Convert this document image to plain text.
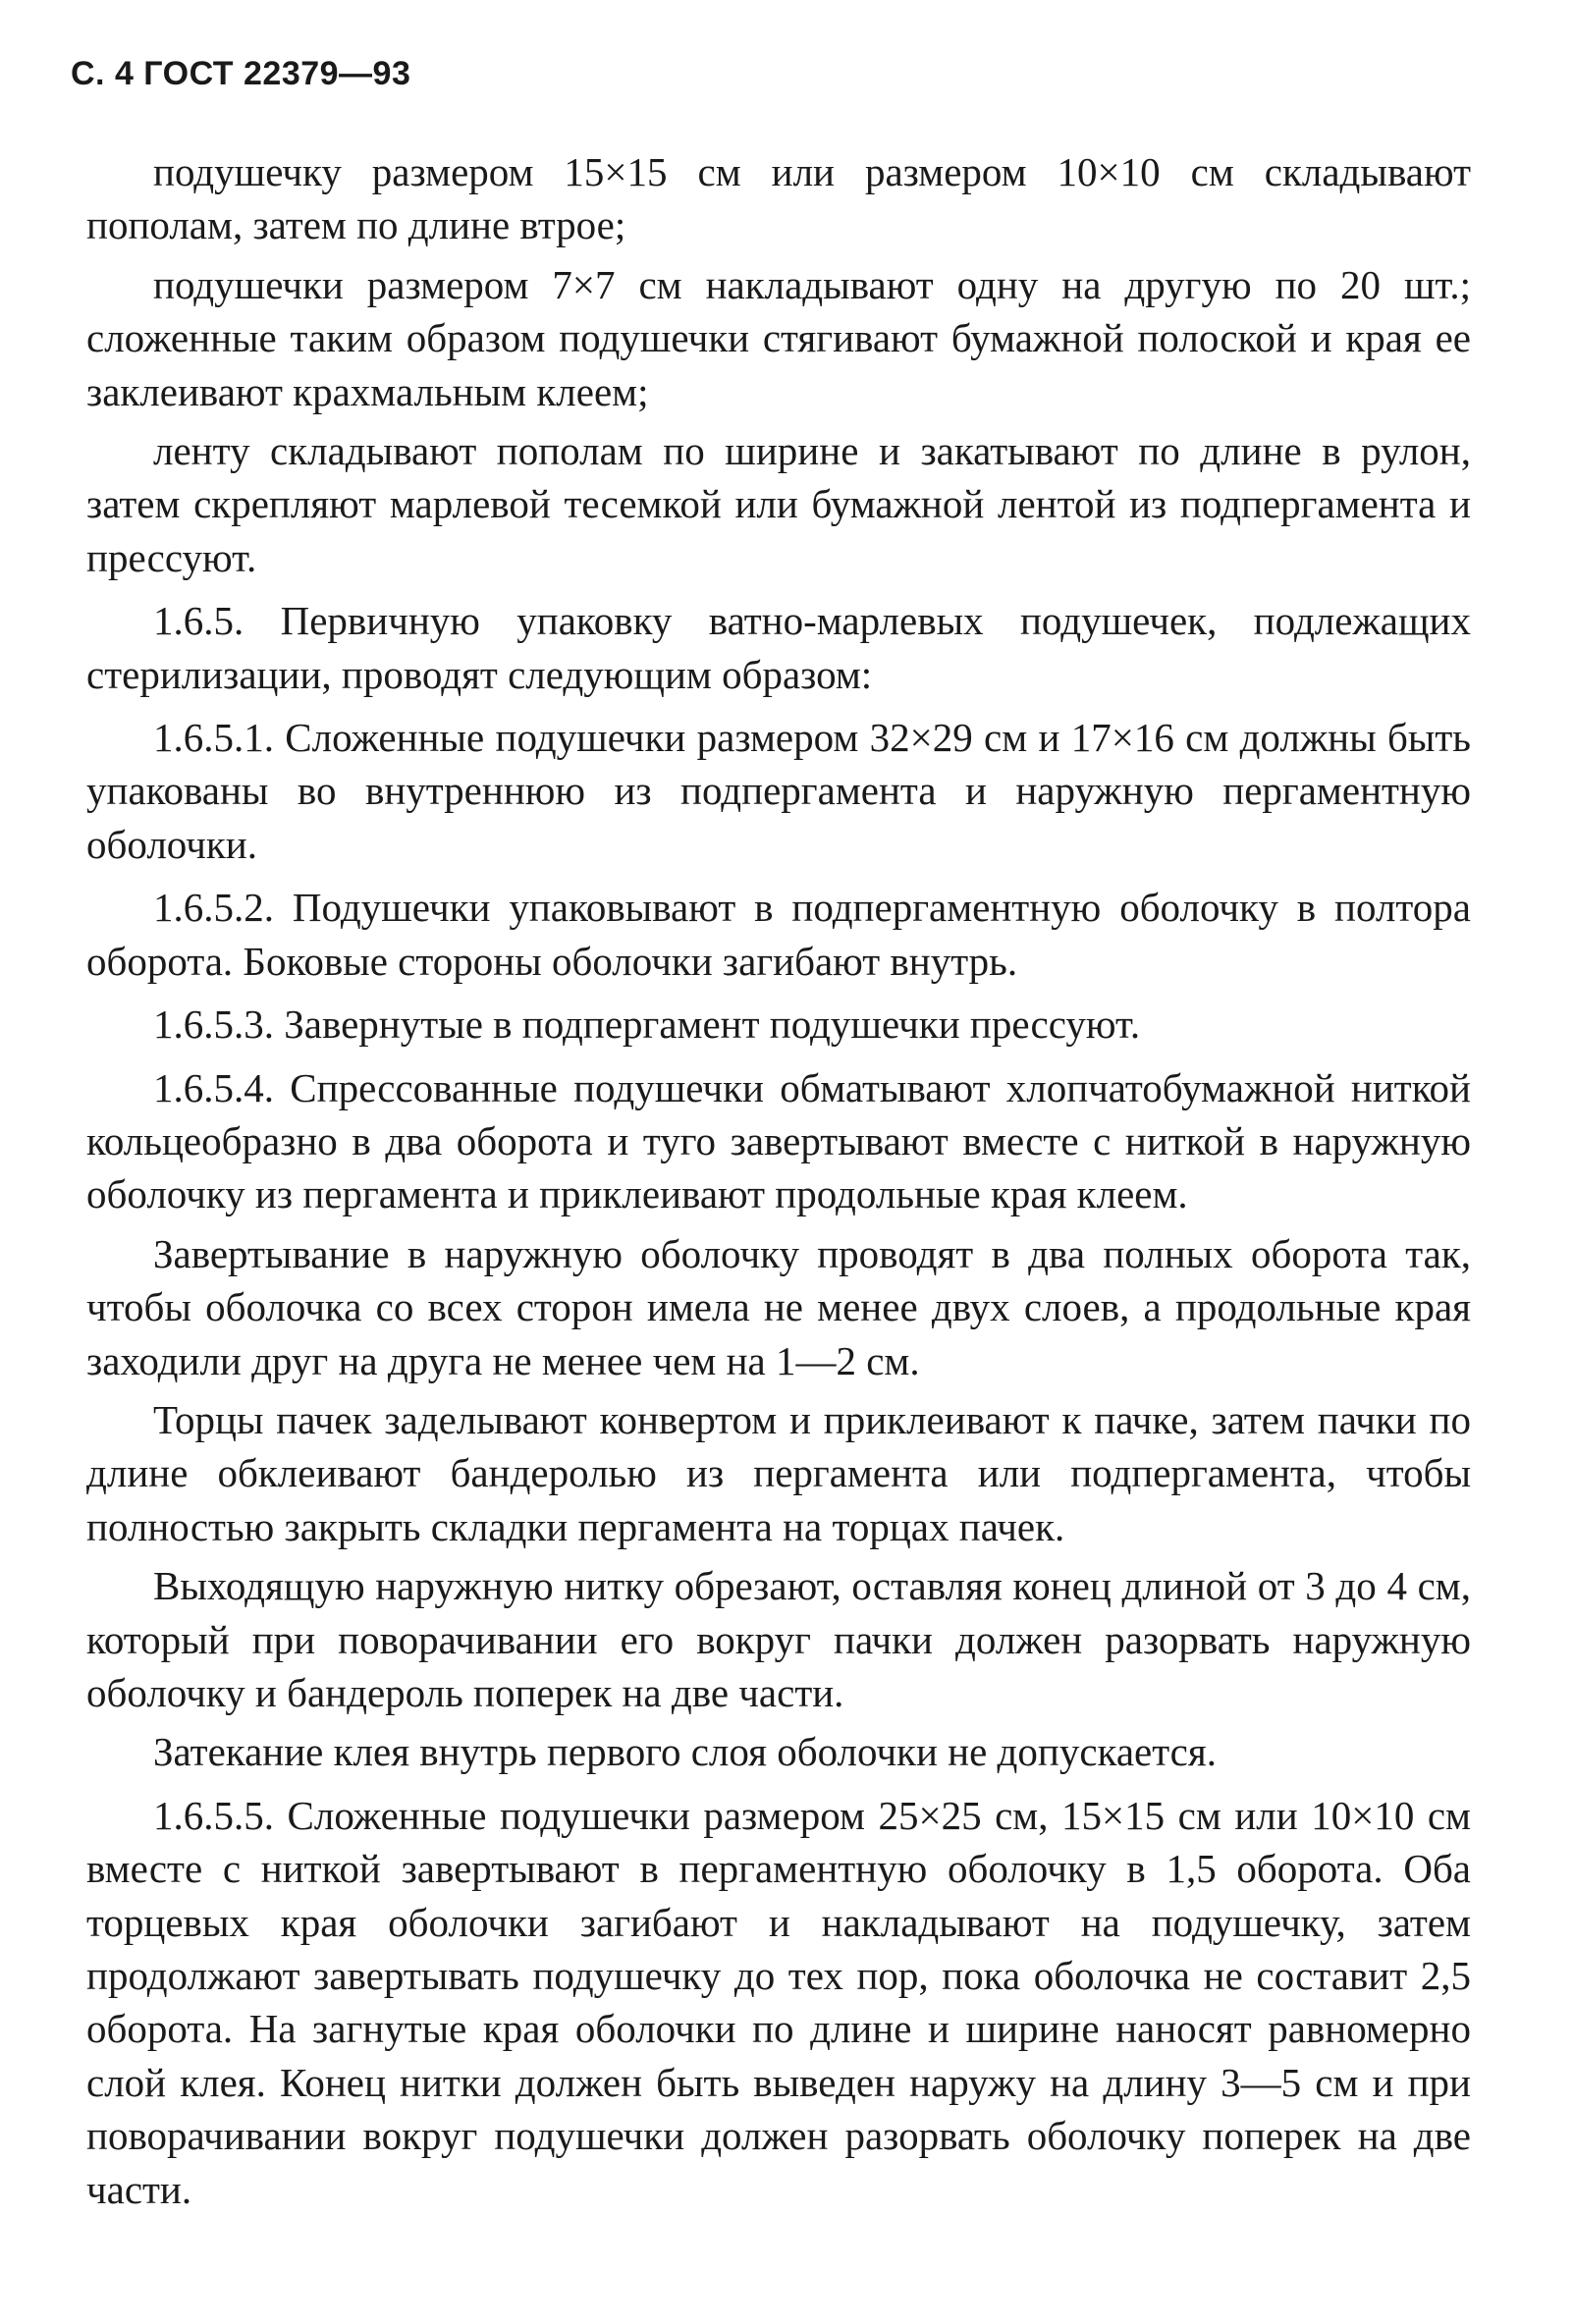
С. 4 ГОСТ 22379—93

подушечку размером 15×15 см или размером 10×10 см складывают пополам, затем по длине втрое;

подушечки размером 7×7 см накладывают одну на другую по 20 шт.; сложенные таким образом подушечки стягивают бумажной полоской и края ее заклеивают крахмальным клеем;

ленту складывают пополам по ширине и закатывают по длине в рулон, затем скрепляют марлевой тесемкой или бумажной лентой из подпергамента и прессуют.

1.6.5. Первичную упаковку ватно-марлевых подушечек, подлежащих стерилизации, проводят следующим образом:

1.6.5.1. Сложенные подушечки размером 32×29 см и 17×16 см должны быть упакованы во внутреннюю из подпергамента и наружную пергаментную оболочки.

1.6.5.2. Подушечки упаковывают в подпергаментную оболочку в полтора оборота. Боковые стороны оболочки загибают внутрь.

1.6.5.3. Завернутые в подпергамент подушечки прессуют.

1.6.5.4. Спрессованные подушечки обматывают хлопчатобумажной ниткой кольцеобразно в два оборота и туго завертывают вместе с ниткой в наружную оболочку из пергамента и приклеивают продольные края клеем.

Завертывание в наружную оболочку проводят в два полных оборота так, чтобы оболочка со всех сторон имела не менее двух слоев, а продольные края заходили друг на друга не менее чем на 1—2 см.

Торцы пачек заделывают конвертом и приклеивают к пачке, затем пачки по длине обклеивают бандеролью из пергамента или подпергамента, чтобы полностью закрыть складки пергамента на торцах пачек.

Выходящую наружную нитку обрезают, оставляя конец длиной от 3 до 4 см, который при поворачивании его вокруг пачки должен разорвать наружную оболочку и бандероль поперек на две части.

Затекание клея внутрь первого слоя оболочки не допускается.

1.6.5.5. Сложенные подушечки размером 25×25 см, 15×15 см или 10×10 см вместе с ниткой завертывают в пергаментную оболочку в 1,5 оборота. Оба торцевых края оболочки загибают и накладывают на подушечку, затем продолжают завертывать подушечку до тех пор, пока оболочка не составит 2,5 оборота. На загнутые края оболочки по длине и ширине наносят равномерно слой клея. Конец нитки должен быть выведен наружу на длину 3—5 см и при поворачивании вокруг подушечки должен разорвать оболочку поперек на две части.
